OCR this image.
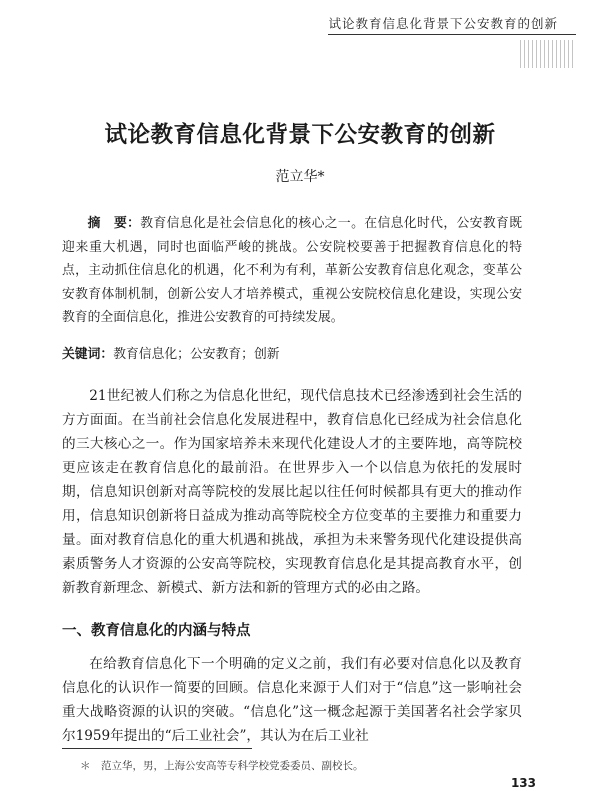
试论教育信息化背景下公安教育的创新
试论教育信息化背景下公安教育的创新
范立华*

摘　要：教育信息化是社会信息化的核心之一。在信息化时代，公安教育既迎来重大机遇，同时也面临严峻的挑战。公安院校要善于把握教育信息化的特点，主动抓住信息化的机遇，化不利为有利，革新公安教育信息化观念，变革公安教育体制机制，创新公安人才培养模式，重视公安院校信息化建设，实现公安教育的全面信息化，推进公安教育的可持续发展。

关键词：教育信息化；公安教育；创新

21世纪被人们称之为信息化世纪，现代信息技术已经渗透到社会生活的方方面面。在当前社会信息化发展进程中，教育信息化已经成为社会信息化的三大核心之一。作为国家培养未来现代化建设人才的主要阵地，高等院校更应该走在教育信息化的最前沿。在世界步入一个以信息为依托的发展时期，信息知识创新对高等院校的发展比起以往任何时候都具有更大的推动作用，信息知识创新将日益成为推动高等院校全方位变革的主要推力和重要力量。面对教育信息化的重大机遇和挑战，承担为未来警务现代化建设提供高素质警务人才资源的公安高等院校，实现教育信息化是其提高教育水平，创新教育新理念、新模式、新方法和新的管理方式的必由之路。

一、教育信息化的内涵与特点

在给教育信息化下一个明确的定义之前，我们有必要对信息化以及教育信息化的认识作一简要的回顾。信息化来源于人们对于“信息”这一影响社会重大战略资源的认识的突破。“信息化”这一概念起源于美国著名社会学家贝尔1959年提出的“后工业社会”，其认为在后工业社

＊　范立华，男，上海公安高等专科学校党委委员、副校长。

133
